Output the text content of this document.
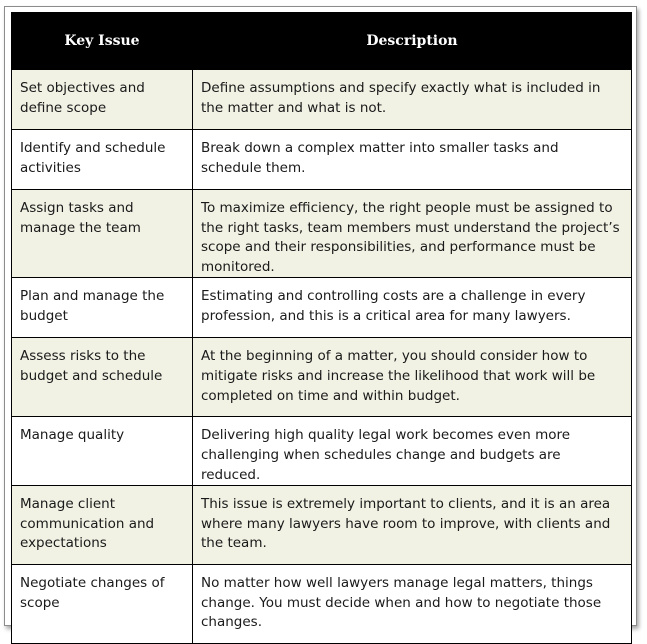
Key Issue	Description
Set objectives and define scope	Define assumptions and specify exactly what is included in the matter and what is not.
Identify and schedule activities	Break down a complex matter into smaller tasks and schedule them.
Assign tasks and manage the team	To maximize efficiency, the right people must be assigned to the right tasks, team members must understand the project’s scope and their responsibilities, and performance must be monitored.
Plan and manage the budget	Estimating and controlling costs are a challenge in every profession, and this is a critical area for many lawyers.
Assess risks to the budget and schedule	At the beginning of a matter, you should consider how to mitigate risks and increase the likelihood that work will be completed on time and within budget.
Manage quality	Delivering high quality legal work becomes even more challenging when schedules change and budgets are reduced.
Manage client communication and expectations	This issue is extremely important to clients, and it is an area where many lawyers have room to improve, with clients and the team.
Negotiate changes of scope	No matter how well lawyers manage legal matters, things change. You must decide when and how to negotiate those changes.
